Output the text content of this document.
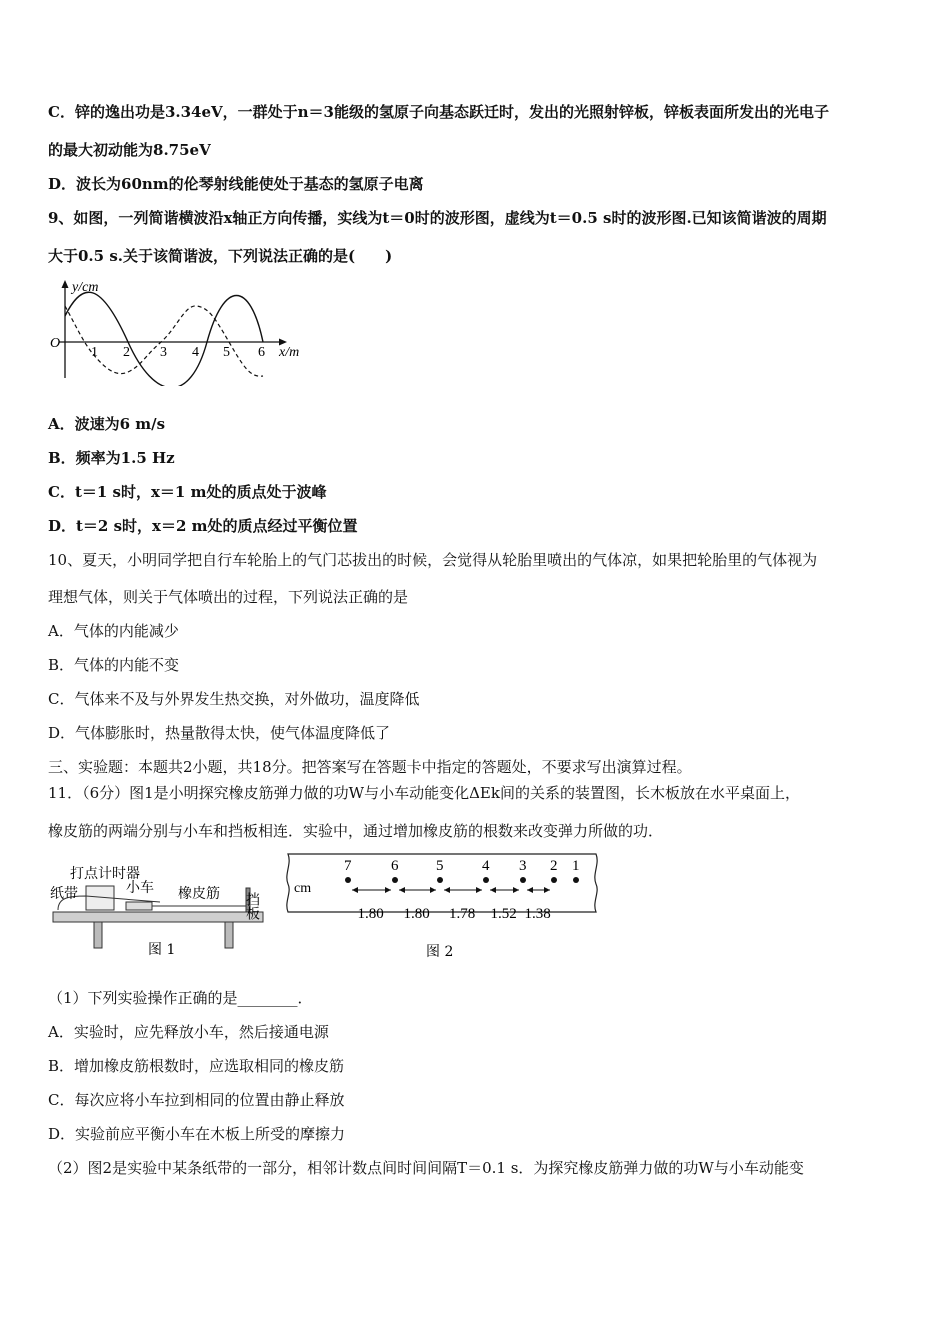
C．锌的逸出功是3.34eV，一群处于n＝3能级的氢原子向基态跃迁时，发出的光照射锌板，锌板表面所发出的光电子
的最大初动能为8.75eV
D．波长为60nm的伦琴射线能使处于基态的氢原子电离
9、如图，一列简谐横波沿x轴正方向传播，实线为t＝0时的波形图，虚线为t＝0.5 s时的波形图.已知该简谐波的周期
大于0.5 s.关于该简谐波，下列说法正确的是(　　)
y/cm
O
x/m
1 2 3 4 5 6
A．波速为6 m/s
B．频率为1.5 Hz
C．t＝1 s时，x＝1 m处的质点处于波峰
D．t＝2 s时，x＝2 m处的质点经过平衡位置
10、夏天，小明同学把自行车轮胎上的气门芯拔出的时候，会觉得从轮胎里喷出的气体凉，如果把轮胎里的气体视为
理想气体，则关于气体喷出的过程，下列说法正确的是
A．气体的内能减少
B．气体的内能不变
C．气体来不及与外界发生热交换，对外做功，温度降低
D．气体膨胀时，热量散得太快，使气体温度降低了
三、实验题：本题共2小题，共18分。把答案写在答题卡中指定的答题处，不要求写出演算过程。
11．（6分）图1是小明探究橡皮筋弹力做的功W与小车动能变化ΔEk间的关系的装置图，长木板放在水平桌面上，
橡皮筋的两端分别与小车和挡板相连．实验中，通过增加橡皮筋的根数来改变弹力所做的功．
打点计时器
纸带	小车 橡皮筋 挡板
图 1
cm
7	6	5	4 3 2 1
1.80 1.80 1.78 1.52 1.38
图 2
（1）下列实验操作正确的是________．
A．实验时，应先释放小车，然后接通电源
B．增加橡皮筋根数时，应选取相同的橡皮筋
C．每次应将小车拉到相同的位置由静止释放
D．实验前应平衡小车在木板上所受的摩擦力
（2）图2是实验中某条纸带的一部分，相邻计数点间时间间隔T＝0.1 s．为探究橡皮筋弹力做的功W与小车动能变
